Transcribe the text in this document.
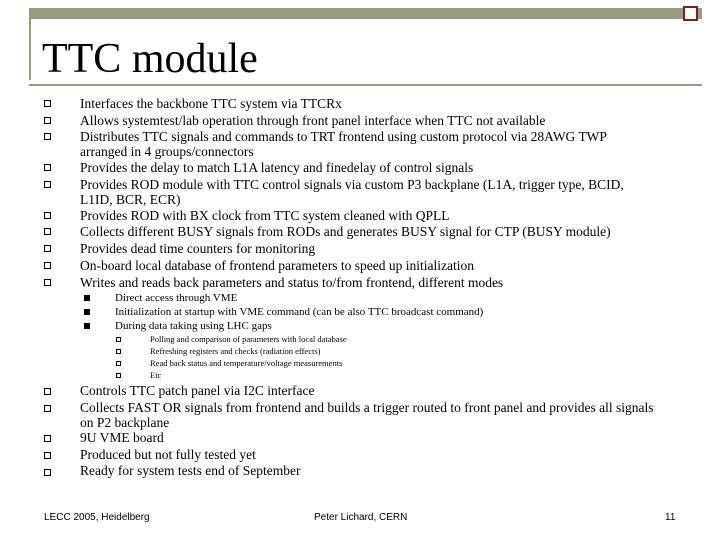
TTC module
Interfaces the backbone TTC system via TTCRx
Allows systemtest/lab operation through front panel interface when TTC not available
Distributes TTC signals and commands to TRT frontend using custom protocol via 28AWG TWP
arranged in 4 groups/connectors
Provides the delay to match L1A latency and finedelay of control signals
Provides ROD module with TTC control signals via custom P3 backplane (L1A, trigger type, BCID,
L1ID, BCR, ECR)
Provides ROD with BX clock from TTC system cleaned with QPLL
Collects different BUSY signals from RODs and generates BUSY signal for CTP (BUSY module)
Provides dead time counters for monitoring
On-board local database of frontend parameters to speed up initialization
Writes and reads back parameters and status to/from frontend, different modes
Direct access through VME
Initialization at startup with VME command (can be also TTC broadcast command)
During data taking using LHC gaps
Polling and comparison of parameters with local database
Refreshing registers and checks (radiation effects)
Read back status and temperature/voltage measurements
Etc
Controls TTC patch panel via I2C interface
Collects FAST OR signals from frontend and builds a trigger routed to front panel and provides all signals
on P2 backplane
9U VME board
Produced but not fully tested yet
Ready for system tests end of September
LECC 2005, Heidelberg	Peter Lichard, CERN	11
